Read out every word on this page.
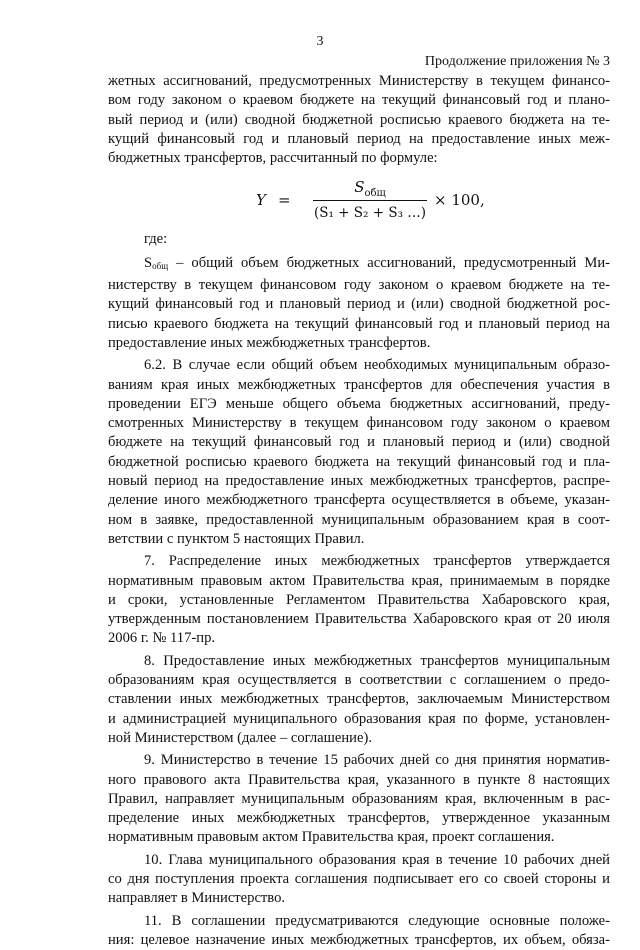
3
Продолжение приложения № 3

жетных ассигнований, предусмотренных Министерству в текущем финансо-

вом году законом о краевом бюджете на текущий финансовый год и плано-

вый период и (или) сводной бюджетной росписью краевого бюджета на те-

кущий финансовый год и плановый период на предоставление иных меж-

бюджетных трансфертов, рассчитанный по формуле:

Y =
$S_{общ}$
(S₁ + S₂ + S₃ …)
× 100,

где:

Sобщ – общий объем бюджетных ассигнований, предусмотренный Ми-

нистерству в текущем финансовом году законом о краевом бюджете на те-

кущий финансовый год и плановый период и (или) сводной бюджетной рос-

писью краевого бюджета на текущий финансовый год и плановый период на

предоставление иных межбюджетных трансфертов.

6.2. В случае если общий объем необходимых муниципальным образо-

ваниям края иных межбюджетных трансфертов для обеспечения участия в

проведении ЕГЭ меньше общего объема бюджетных ассигнований, преду-

смотренных Министерству в текущем финансовом году законом о краевом

бюджете на текущий финансовый год и плановый период и (или) сводной

бюджетной росписью краевого бюджета на текущий финансовый год и пла-

новый период на предоставление иных межбюджетных трансфертов, распре-

деление иного межбюджетного трансферта осуществляется в объеме, указан-

ном в заявке, предоставленной муниципальным образованием края в соот-

ветствии с пунктом 5 настоящих Правил.

7. Распределение иных межбюджетных трансфертов утверждается

нормативным правовым актом Правительства края, принимаемым в порядке

и сроки, установленные Регламентом Правительства Хабаровского края,

утвержденным постановлением Правительства Хабаровского края от 20 июля

2006 г. № 117-пр.

8. Предоставление иных межбюджетных трансфертов муниципальным

образованиям края осуществляется в соответствии с соглашением о предо-

ставлении иных межбюджетных трансфертов, заключаемым Министерством

и администрацией муниципального образования края по форме, установлен-

ной Министерством (далее – соглашение).

9. Министерство в течение 15 рабочих дней со дня принятия норматив-

ного правового акта Правительства края, указанного в пункте 8 настоящих

Правил, направляет муниципальным образованиям края, включенным в рас-

пределение иных межбюджетных трансфертов, утвержденное указанным

нормативным правовым актом Правительства края, проект соглашения.

10. Глава муниципального образования края в течение 10 рабочих дней

со дня поступления проекта соглашения подписывает его со своей стороны и

направляет в Министерство.

11. В соглашении предусматриваются следующие основные положе-

ния: целевое назначение иных межбюджетных трансфертов, их объем, обяза-
